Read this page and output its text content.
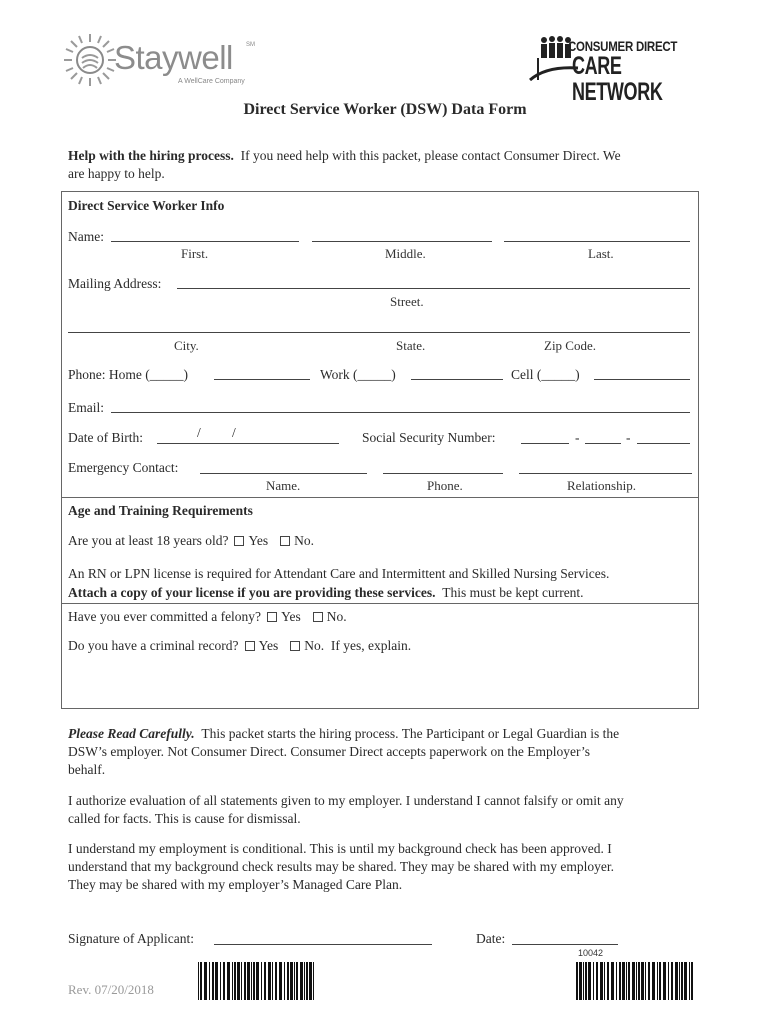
Staywell SM
A WellCare Company
CONSUMER DIRECT
CARE NETWORK
Direct Service Worker (DSW) Data Form
Help with the hiring process. If you need help with this packet, please contact Consumer Direct. We
are happy to help.
Direct Service Worker Info
Name:
First.	Middle.	Last.
Mailing Address:
Street.
City.	State.	Zip Code.
Phone: Home (_____)	Work (_____)	Cell (_____)
Email:
Date of Birth:	/ /	Social Security Number:	-	-
Emergency Contact:
Name.	Phone.	Relationship.
Age and Training Requirements
Are you at least 18 years old? Yes No.
An RN or LPN license is required for Attendant Care and Intermittent and Skilled Nursing Services.
Attach a copy of your license if you are providing these services. This must be kept current.
Have you ever committed a felony? Yes No.
Do you have a criminal record? Yes No. If yes, explain.
Please Read Carefully. This packet starts the hiring process. The Participant or Legal Guardian is the
DSW’s employer. Not Consumer Direct. Consumer Direct accepts paperwork on the Employer’s
behalf.
I authorize evaluation of all statements given to my employer. I understand I cannot falsify or omit any
called for facts. This is cause for dismissal.
I understand my employment is conditional. This is until my background check has been approved. I
understand that my background check results may be shared. They may be shared with my employer.
They may be shared with my employer’s Managed Care Plan.
Signature of Applicant:	Date:
Rev. 07/20/2018
10042
